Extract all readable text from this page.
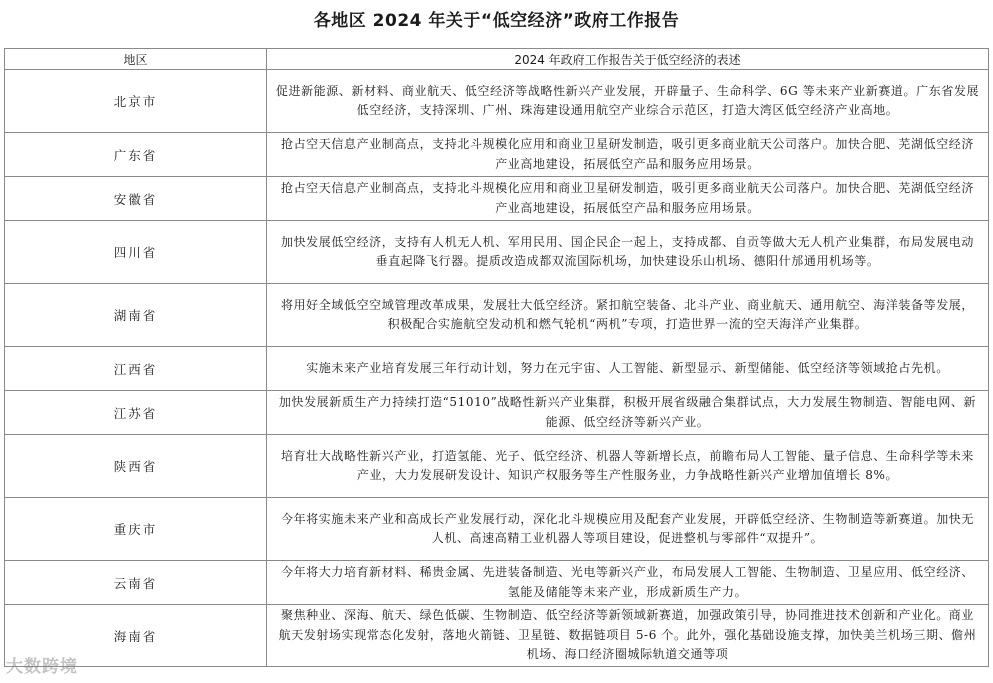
各地区 2024 年关于“低空经济”政府工作报告
地区	2024 年政府工作报告关于低空经济的表述
北京市	促进新能源、新材料、商业航天、低空经济等战略性新兴产业发展，开辟量子、生命科学、6G 等未来产业新赛道。广东省发展低空经济，支持深圳、广州、珠海建设通用航空产业综合示范区，打造大湾区低空经济产业高地。
广东省	抢占空天信息产业制高点，支持北斗规模化应用和商业卫星研发制造，吸引更多商业航天公司落户。加快合肥、芜湖低空经济产业高地建设，拓展低空产品和服务应用场景。
安徽省	抢占空天信息产业制高点，支持北斗规模化应用和商业卫星研发制造，吸引更多商业航天公司落户。加快合肥、芜湖低空经济产业高地建设，拓展低空产品和服务应用场景。
四川省	加快发展低空经济，支持有人机无人机、军用民用、国企民企一起上，支持成都、自贡等做大无人机产业集群，布局发展电动垂直起降飞行器。提质改造成都双流国际机场，加快建设乐山机场、德阳什邡通用机场等。
湖南省	将用好全域低空空域管理改革成果，发展壮大低空经济。紧扣航空装备、北斗产业、商业航天、通用航空、海洋装备等发展，积极配合实施航空发动机和燃气轮机“两机”专项，打造世界一流的空天海洋产业集群。
江西省	实施未来产业培育发展三年行动计划，努力在元宇宙、人工智能、新型显示、新型储能、低空经济等领域抢占先机。
江苏省	加快发展新质生产力持续打造“51010”战略性新兴产业集群，积极开展省级融合集群试点，大力发展生物制造、智能电网、新能源、低空经济等新兴产业。
陕西省	培育壮大战略性新兴产业，打造氢能、光子、低空经济、机器人等新增长点，前瞻布局人工智能、量子信息、生命科学等未来产业，大力发展研发设计、知识产权服务等生产性服务业，力争战略性新兴产业增加值增长 8%。
重庆市	今年将实施未来产业和高成长产业发展行动，深化北斗规模应用及配套产业发展，开辟低空经济、生物制造等新赛道。加快无人机、高速高精工业机器人等项目建设，促进整机与零部件“双提升”。
云南省	今年将大力培育新材料、稀贵金属、先进装备制造、光电等新兴产业，布局发展人工智能、生物制造、卫星应用、低空经济、氢能及储能等未来产业，形成新质生产力。
海南省	聚焦种业、深海、航天、绿色低碳、生物制造、低空经济等新领域新赛道，加强政策引导，协同推进技术创新和产业化。商业航天发射场实现常态化发射，落地火箭链、卫星链、数据链项目 5-6 个。此外，强化基础设施支撑，加快美兰机场三期、儋州机场、海口经济圈城际轨道交通等项
大数跨境
